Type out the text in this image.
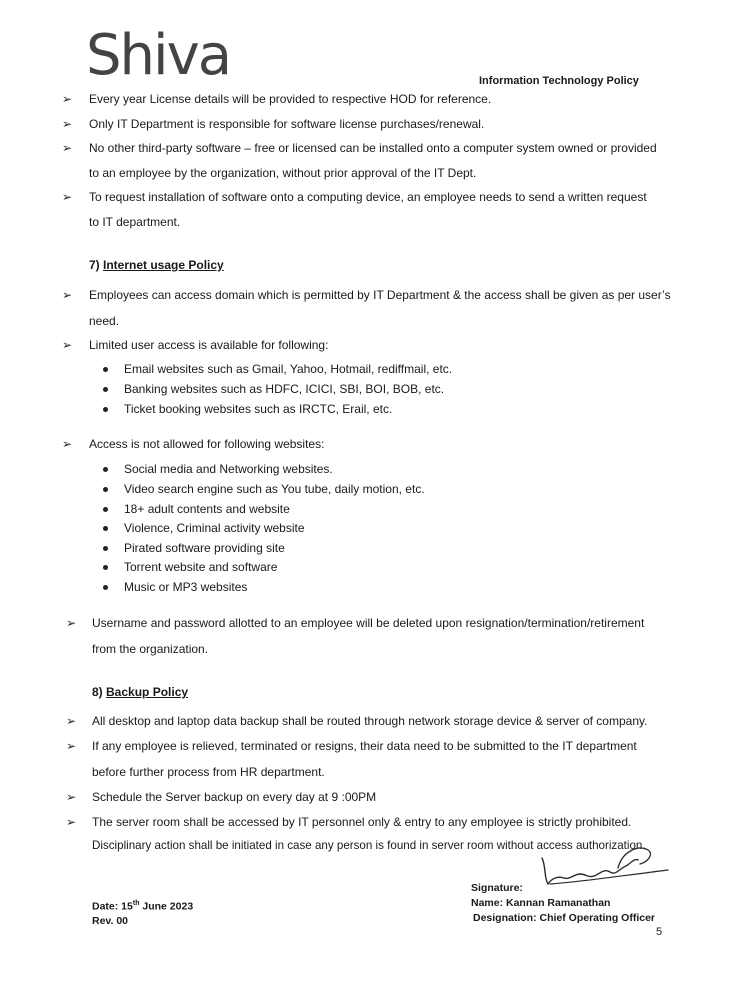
Shiva	Information Technology Policy
➢ Every year License details will be provided to respective HOD for reference.
➢ Only IT Department is responsible for software license purchases/renewal.
➢ No other third-party software – free or licensed can be installed onto a computer system owned or provided
to an employee by the organization, without prior approval of the IT Dept.
➢ To request installation of software onto a computing device, an employee needs to send a written request
to IT department.
7) Internet usage Policy
➢ Employees can access domain which is permitted by IT Department & the access shall be given as per user’s
need.
➢ Limited user access is available for following:
Email websites such as Gmail, Yahoo, Hotmail, rediffmail, etc.
Banking websites such as HDFC, ICICI, SBI, BOI, BOB, etc.
Ticket booking websites such as IRCTC, Erail, etc.
➢ Access is not allowed for following websites:
Social media and Networking websites.
Video search engine such as You tube, daily motion, etc.
18+ adult contents and website
Violence, Criminal activity website
Pirated software providing site
Torrent website and software
Music or MP3 websites
➢ Username and password allotted to an employee will be deleted upon resignation/termination/retirement
from the organization.
8) Backup Policy
➢ All desktop and laptop data backup shall be routed through network storage device & server of company.
➢ If any employee is relieved, terminated or resigns, their data need to be submitted to the IT department
before further process from HR department.
➢ Schedule the Server backup on every day at 9 :00PM
➢ The server room shall be accessed by IT personnel only & entry to any employee is strictly prohibited.
Disciplinary action shall be initiated in case any person is found in server room without access authorization.
Date: 15th June 2023
Rev. 00
Signature:
Name: Kannan Ramanathan
Designation: Chief Operating Officer
5
